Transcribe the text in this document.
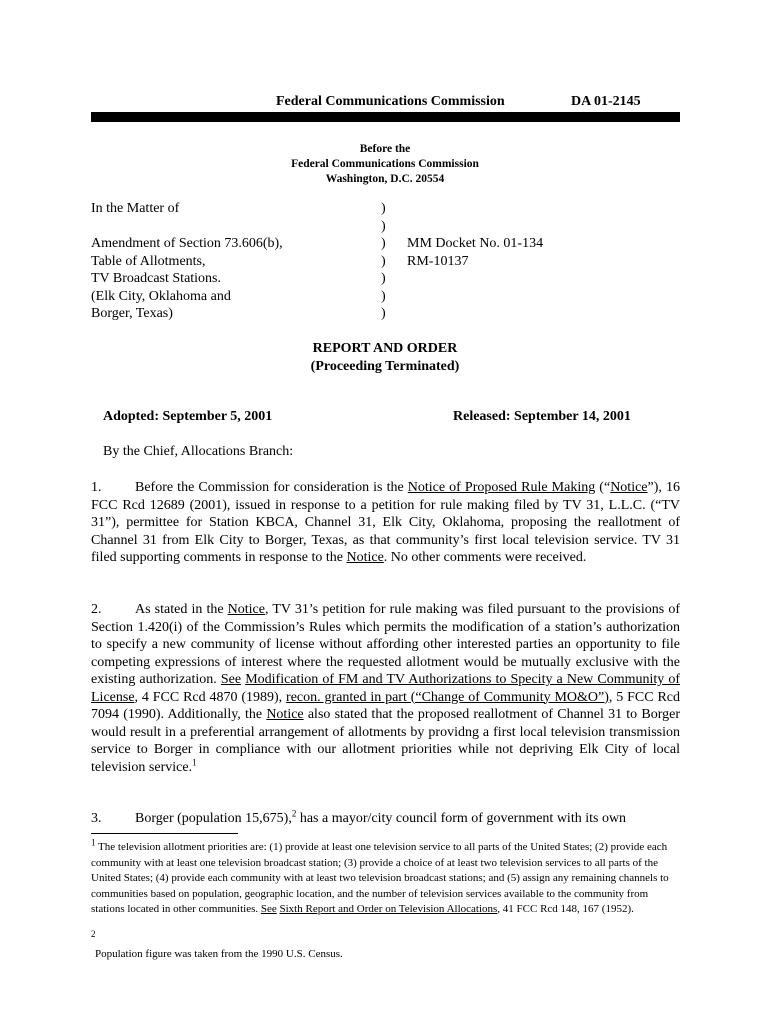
Federal Communications Commission	DA 01-2145
Before the
Federal Communications Commission
Washington, D.C. 20554
In the Matter of

Amendment of Section 73.606(b),
Table of Allotments,
TV Broadcast Stations.
(Elk City, Oklahoma and
Borger, Texas)
)
)
)
)
)
)
)
MM Docket No. 01-134
RM-10137
REPORT AND ORDER
(Proceeding Terminated)
Adopted: September 5, 2001	Released: September 14, 2001
By the Chief, Allocations Branch:
1. Before the Commission for consideration is the Notice of Proposed Rule Making (“Notice”), 16 FCC Rcd 12689 (2001), issued in response to a petition for rule making filed by TV 31, L.L.C. (“TV 31”), permittee for Station KBCA, Channel 31, Elk City, Oklahoma, proposing the reallotment of Channel 31 from Elk City to Borger, Texas, as that community’s first local television service. TV 31 filed supporting comments in response to the Notice. No other comments were received.
2. As stated in the Notice, TV 31’s petition for rule making was filed pursuant to the provisions of Section 1.420(i) of the Commission’s Rules which permits the modification of a station’s authorization to specify a new community of license without affording other interested parties an opportunity to file competing expressions of interest where the requested allotment would be mutually exclusive with the existing authorization. See Modification of FM and TV Authorizations to Specity a New Community of License, 4 FCC Rcd 4870 (1989), recon. granted in part (“Change of Community MO&O”), 5 FCC Rcd 7094 (1990). Additionally, the Notice also stated that the proposed reallotment of Channel 31 to Borger would result in a preferential arrangement of allotments by providng a first local television transmission service to Borger in compliance with our allotment priorities while not depriving Elk City of local television service.$^1$
3. Borger (population 15,675),$^2$ has a mayor/city council form of government with its own
$^1$ The television allotment priorities are: (1) provide at least one television service to all parts of the United States; (2) provide each community with at least one television broadcast station; (3) provide a choice of at least two television services to all parts of the United States; (4) provide each community with at least two television broadcast stations; and (5) assign any remaining channels to communities based on population, geographic location, and the number of television services available to the community from stations located in other communities. See Sixth Report and Order on Television Allocations, 41 FCC Rcd 148, 167 (1952).
2
Population figure was taken from the 1990 U.S. Census.
